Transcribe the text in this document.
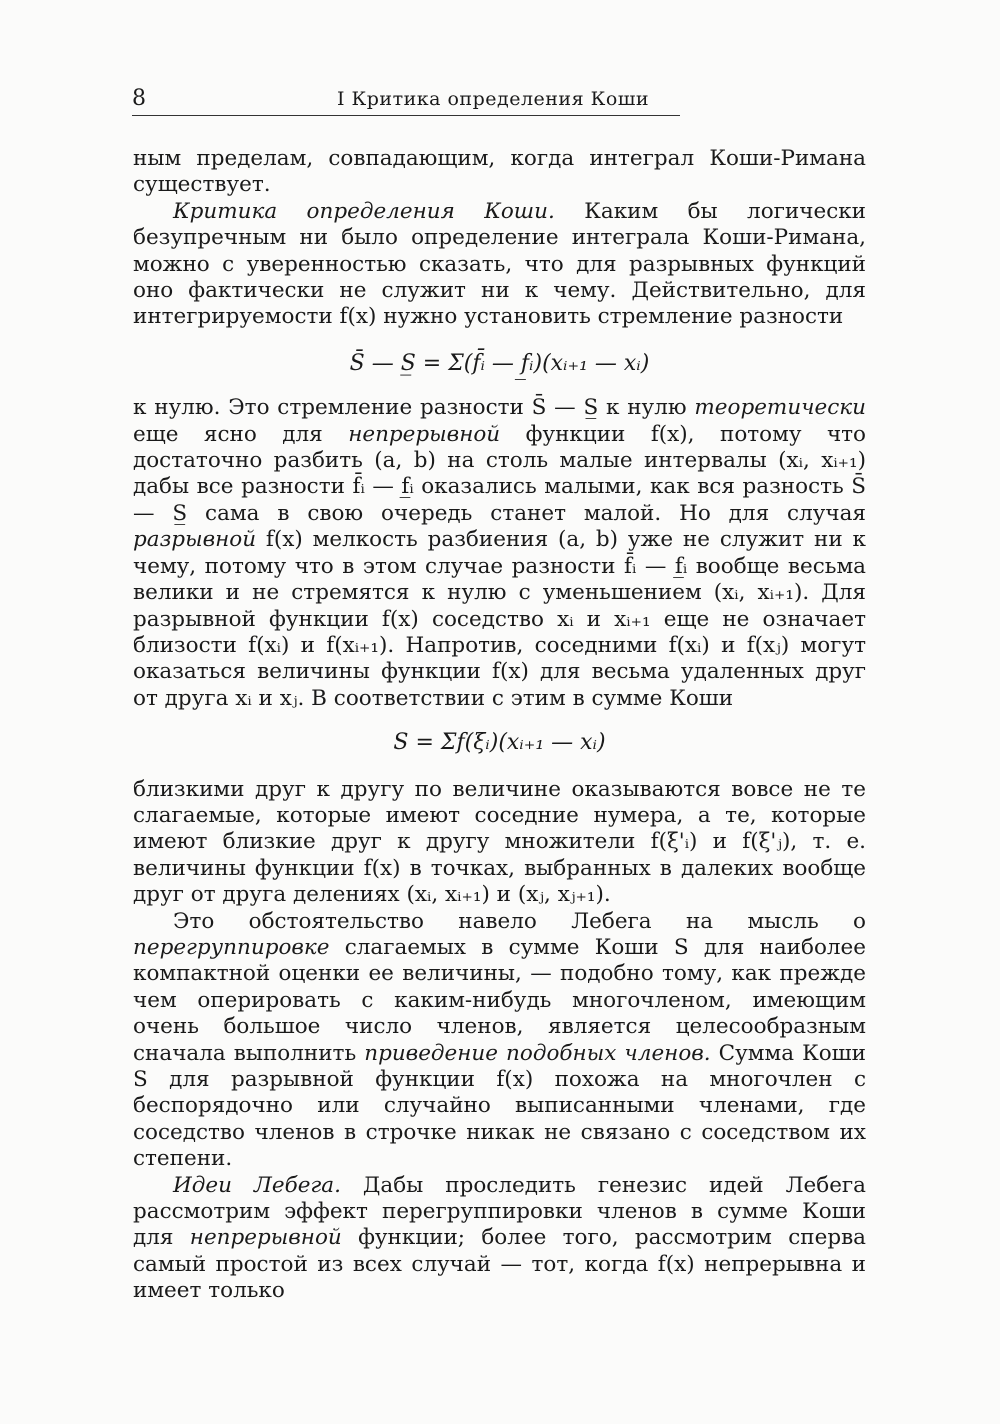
8	I Критика определения Коши

ным пределам, совпадающим, когда интеграл Коши-Римана существует.

Критика определения Коши. Каким бы логически безупречным ни было определение интеграла Коши-Римана, можно с уверенностью сказать, что для разрывных функций оно фактически не служит ни к чему. Действительно, для интегрируемости f(x) нужно установить стремление разности

S̄ — S̲ = Σ(f̄ᵢ — f̲ᵢ)(xᵢ₊₁ — xᵢ)

к нулю. Это стремление разности S̄ — S̲ к нулю теоретически еще ясно для непрерывной функции f(x), потому что достаточно разбить (a, b) на столь малые интервалы (xᵢ, xᵢ₊₁) дабы все разности f̄ᵢ — f̲ᵢ оказались малыми, как вся разность S̄ — S̲ сама в свою очередь станет малой. Но для случая разрывной f(x) мелкость разбиения (a, b) уже не служит ни к чему, потому что в этом случае разности f̄ᵢ — f̲ᵢ вообще весьма велики и не стремятся к нулю с уменьшением (xᵢ, xᵢ₊₁). Для разрывной функции f(x) соседство xᵢ и xᵢ₊₁ еще не означает близости f(xᵢ) и f(xᵢ₊₁). Напротив, соседними f(xᵢ) и f(xⱼ) могут оказаться величины функции f(x) для весьма удаленных друг от друга xᵢ и xⱼ. В соответствии с этим в сумме Коши

S = Σf(ξᵢ)(xᵢ₊₁ — xᵢ)

близкими друг к другу по величине оказываются вовсе не те слагаемые, которые имеют соседние нумера, а те, которые имеют близкие друг к другу множители f(ξ'ᵢ) и f(ξ'ⱼ), т. е. величины функции f(x) в точках, выбранных в далеких вообще друг от друга делениях (xᵢ, xᵢ₊₁) и (xⱼ, xⱼ₊₁).

Это обстоятельство навело Лебега на мысль о перегруппировке слагаемых в сумме Коши S для наиболее компактной оценки ее величины, — подобно тому, как прежде чем оперировать с каким-нибудь многочленом, имеющим очень большое число членов, является целесообразным сначала выполнить приведение подобных членов. Сумма Коши S для разрывной функции f(x) похожа на многочлен с беспорядочно или случайно выписанными членами, где соседство членов в строчке никак не связано с соседством их степени.

Идеи Лебега. Дабы проследить генезис идей Лебега рассмотрим эффект перегруппировки членов в сумме Коши для непрерывной функции; более того, рассмотрим сперва самый простой из всех случай — тот, когда f(x) непрерывна и имеет только
